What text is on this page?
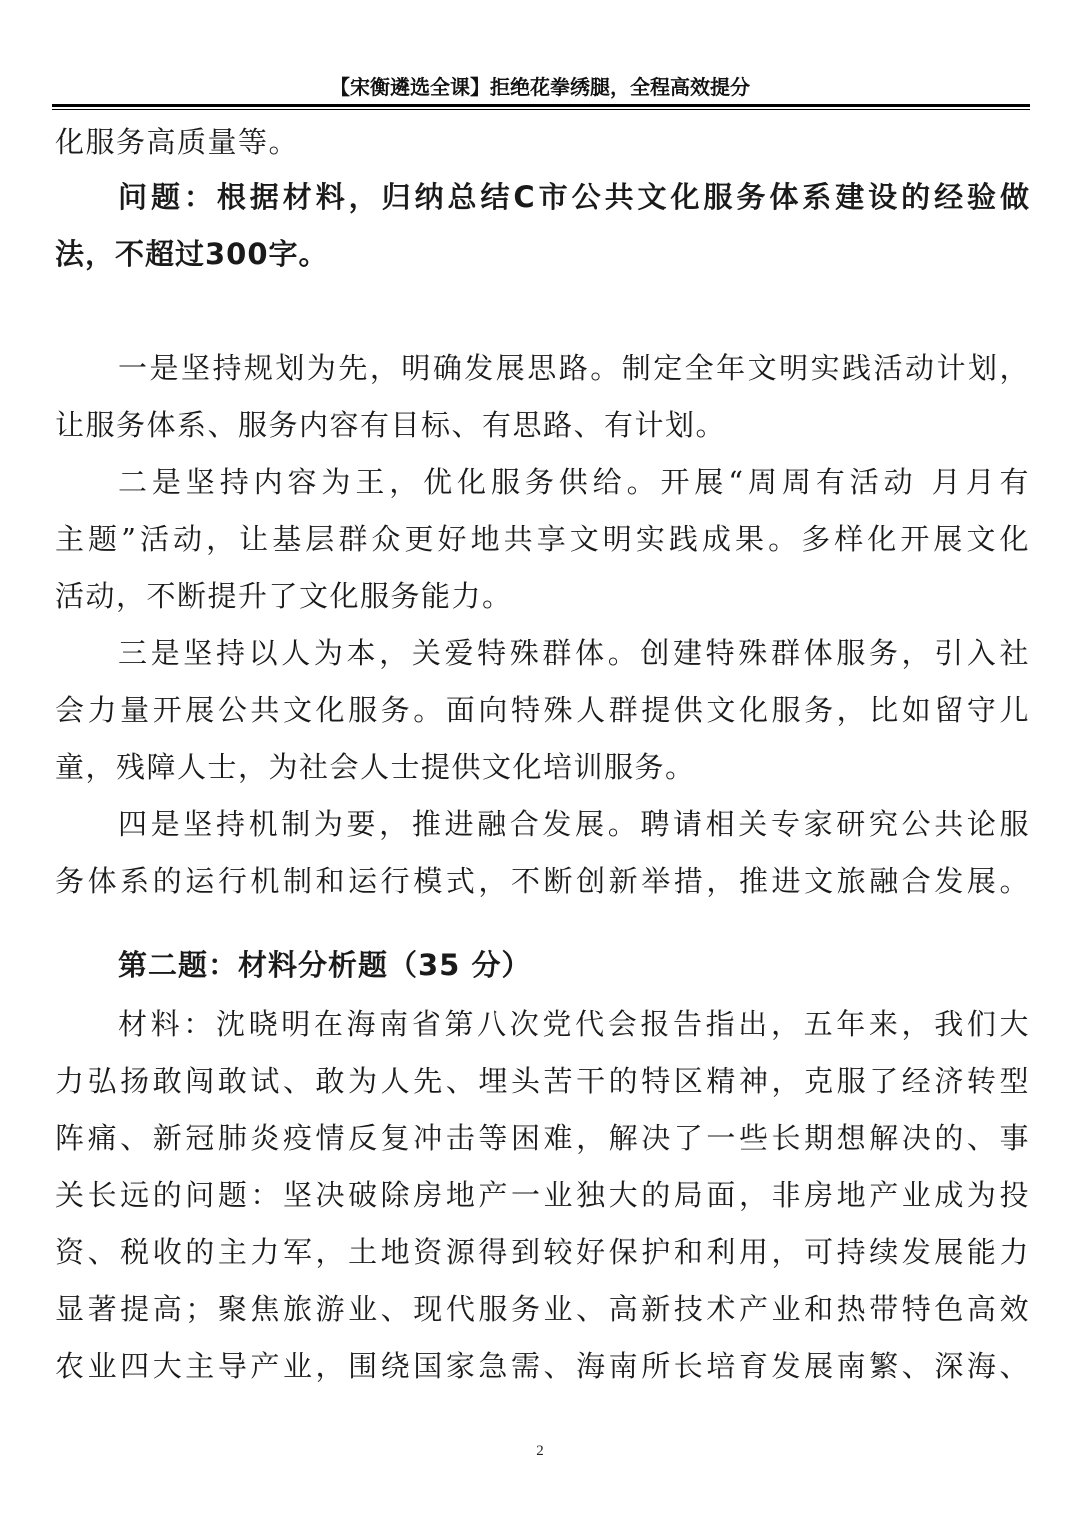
【宋衡遴选全课】拒绝花拳绣腿，全程高效提分
化服务高质量等。
问题：根据材料，归纳总结C市公共文化服务体系建设的经验做
法，不超过300字。
一是坚持规划为先，明确发展思路。制定全年文明实践活动计划，
让服务体系、服务内容有目标、有思路、有计划。
二是坚持内容为王，优化服务供给。开展“周周有活动 月月有
主题”活动，让基层群众更好地共享文明实践成果。多样化开展文化
活动，不断提升了文化服务能力。
三是坚持以人为本，关爱特殊群体。创建特殊群体服务，引入社
会力量开展公共文化服务。面向特殊人群提供文化服务，比如留守儿
童，残障人士，为社会人士提供文化培训服务。
四是坚持机制为要，推进融合发展。聘请相关专家研究公共论服
务体系的运行机制和运行模式，不断创新举措，推进文旅融合发展。
第二题：材料分析题（35 分）
材料：沈晓明在海南省第八次党代会报告指出，五年来，我们大
力弘扬敢闯敢试、敢为人先、埋头苦干的特区精神，克服了经济转型
阵痛、新冠肺炎疫情反复冲击等困难，解决了一些长期想解决的、事
关长远的问题：坚决破除房地产一业独大的局面，非房地产业成为投
资、税收的主力军，土地资源得到较好保护和利用，可持续发展能力
显著提高；聚焦旅游业、现代服务业、高新技术产业和热带特色高效
农业四大主导产业，围绕国家急需、海南所长培育发展南繁、深海、
2
